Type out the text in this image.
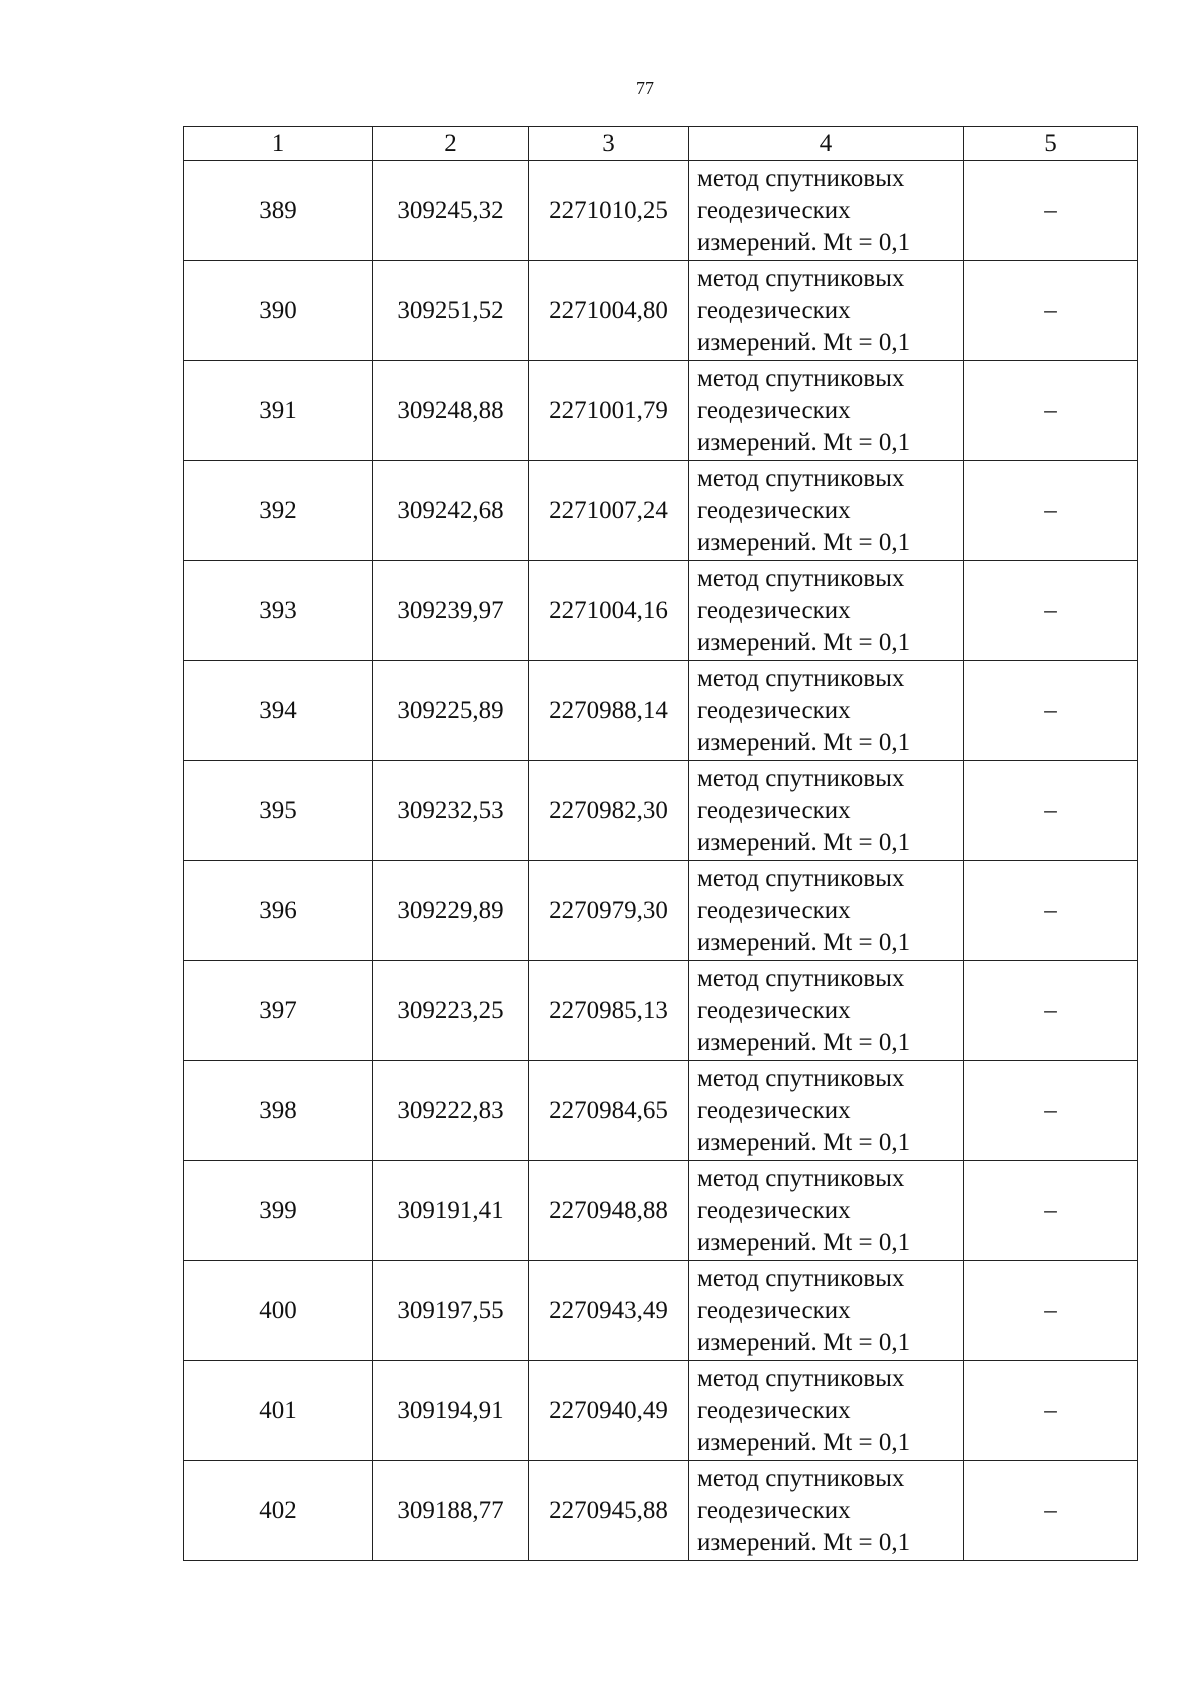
77
1	2	3	4	5
389	309245,32	2271010,25	метод спутниковых
геодезических
измерений. Mt = 0,1	–
390	309251,52	2271004,80	метод спутниковых
геодезических
измерений. Mt = 0,1	–
391	309248,88	2271001,79	метод спутниковых
геодезических
измерений. Mt = 0,1	–
392	309242,68	2271007,24	метод спутниковых
геодезических
измерений. Mt = 0,1	–
393	309239,97	2271004,16	метод спутниковых
геодезических
измерений. Mt = 0,1	–
394	309225,89	2270988,14	метод спутниковых
геодезических
измерений. Mt = 0,1	–
395	309232,53	2270982,30	метод спутниковых
геодезических
измерений. Mt = 0,1	–
396	309229,89	2270979,30	метод спутниковых
геодезических
измерений. Mt = 0,1	–
397	309223,25	2270985,13	метод спутниковых
геодезических
измерений. Mt = 0,1	–
398	309222,83	2270984,65	метод спутниковых
геодезических
измерений. Mt = 0,1	–
399	309191,41	2270948,88	метод спутниковых
геодезических
измерений. Mt = 0,1	–
400	309197,55	2270943,49	метод спутниковых
геодезических
измерений. Mt = 0,1	–
401	309194,91	2270940,49	метод спутниковых
геодезических
измерений. Mt = 0,1	–
402	309188,77	2270945,88	метод спутниковых
геодезических
измерений. Mt = 0,1	–
